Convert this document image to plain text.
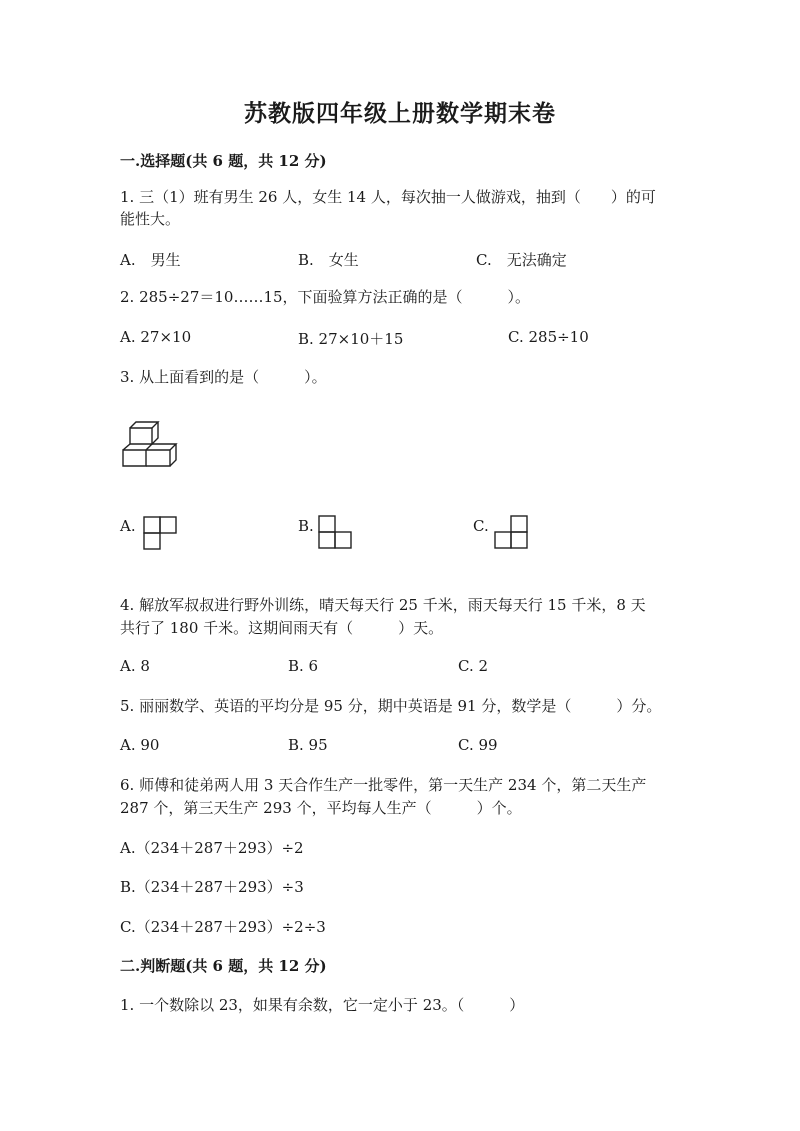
苏教版四年级上册数学期末卷
一.选择题(共 6 题，共 12 分)
1. 三（1）班有男生 26 人，女生 14 人，每次抽一人做游戏，抽到（　　）的可
能性大。
A.　男生	B.　女生	C.　无法确定
2. 285÷27＝10……15，下面验算方法正确的是（　　　）。
A. 27×10	B. 27×10＋15	C. 285÷10
3. 从上面看到的是（　　　）。
A.	B.	C.
4. 解放军叔叔进行野外训练，晴天每天行 25 千米，雨天每天行 15 千米，8 天
共行了 180 千米。这期间雨天有（　　　）天。
A. 8	B. 6	C. 2
5. 丽丽数学、英语的平均分是 95 分，期中英语是 91 分，数学是（　　　）分。
A. 90	B. 95	C. 99
6. 师傅和徒弟两人用 3 天合作生产一批零件，第一天生产 234 个，第二天生产
287 个，第三天生产 293 个，平均每人生产（　　　）个。
A.（234＋287＋293）÷2
B.（234＋287＋293）÷3
C.（234＋287＋293）÷2÷3
二.判断题(共 6 题，共 12 分)
1. 一个数除以 23，如果有余数，它一定小于 23。（　　　）
